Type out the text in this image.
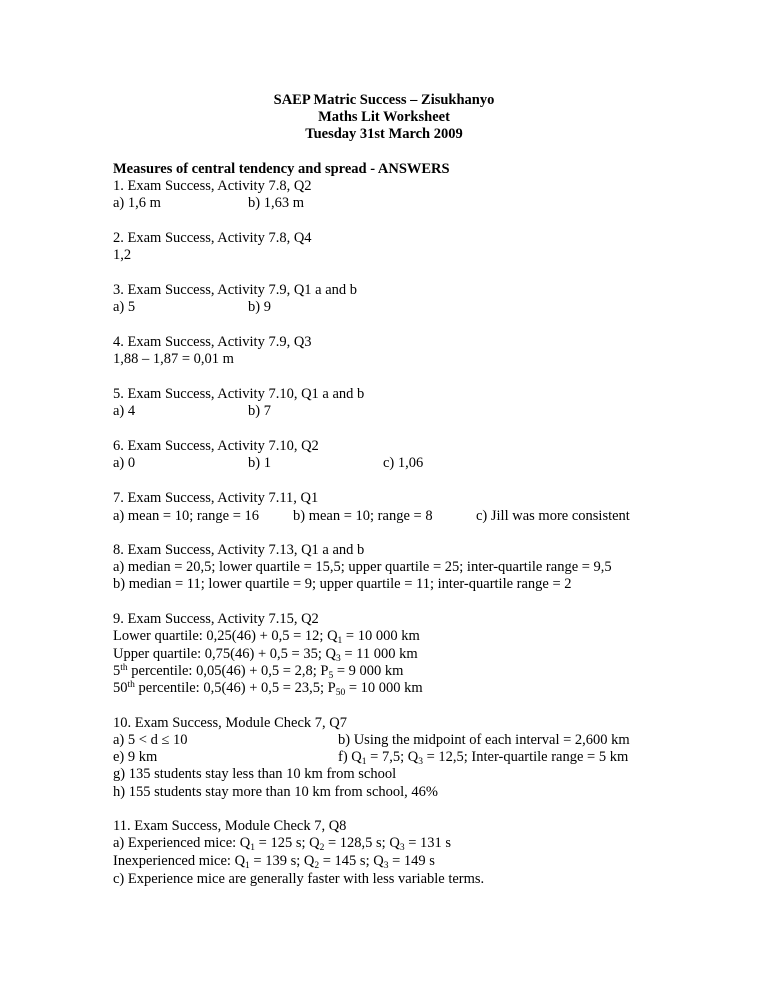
SAEP Matric Success – Zisukhanyo
Maths Lit Worksheet
Tuesday 31st March 2009
Measures of central tendency and spread - ANSWERS
1. Exam Success, Activity 7.8, Q2
a) 1,6 m	b) 1,63 m
2. Exam Success, Activity 7.8, Q4
1,2
3. Exam Success, Activity 7.9, Q1 a and b
a) 5	b) 9
4. Exam Success, Activity 7.9, Q3
1,88 – 1,87 = 0,01 m
5. Exam Success, Activity 7.10, Q1 a and b
a) 4	b) 7
6. Exam Success, Activity 7.10, Q2
a) 0	b) 1	c) 1,06
7. Exam Success, Activity 7.11, Q1
a) mean = 10; range = 16 b) mean = 10; range = 8	c) Jill was more consistent
8. Exam Success, Activity 7.13, Q1 a and b
a) median = 20,5; lower quartile = 15,5; upper quartile = 25; inter-quartile range = 9,5
b) median = 11; lower quartile = 9; upper quartile = 11; inter-quartile range = 2
9. Exam Success, Activity 7.15, Q2
Lower quartile: 0,25(46) + 0,5 = 12; $Q_1 = 10$ 000 km
Upper quartile: 0,75(46) + 0,5 = 35; $Q_3 = 11$ 000 km
5th percentile: 0,05(46) + 0,5 = 2,8; $P_5 = 9$ 000 km
50th percentile: 0,5(46) + 0,5 = 23,5; $P_{50} = 10$ 000 km
10. Exam Success, Module Check 7, Q7
a) 5 < d ≤ 10	b) Using the midpoint of each interval = 2,600 km
e) 9 km	f) $Q_1 = 7,5$; $Q_3 = 12,5$; Inter-quartile range = 5 km
g) 135 students stay less than 10 km from school
h) 155 students stay more than 10 km from school, 46%
11. Exam Success, Module Check 7, Q8
a) Experienced mice: $Q_1 = 125$ s; $Q_2 = 128,5$ s; $Q_3 = 131$ s
Inexperienced mice: $Q_1 = 139$ s; $Q_2 = 145$ s; $Q_3 = 149$ s
c) Experience mice are generally faster with less variable terms.
